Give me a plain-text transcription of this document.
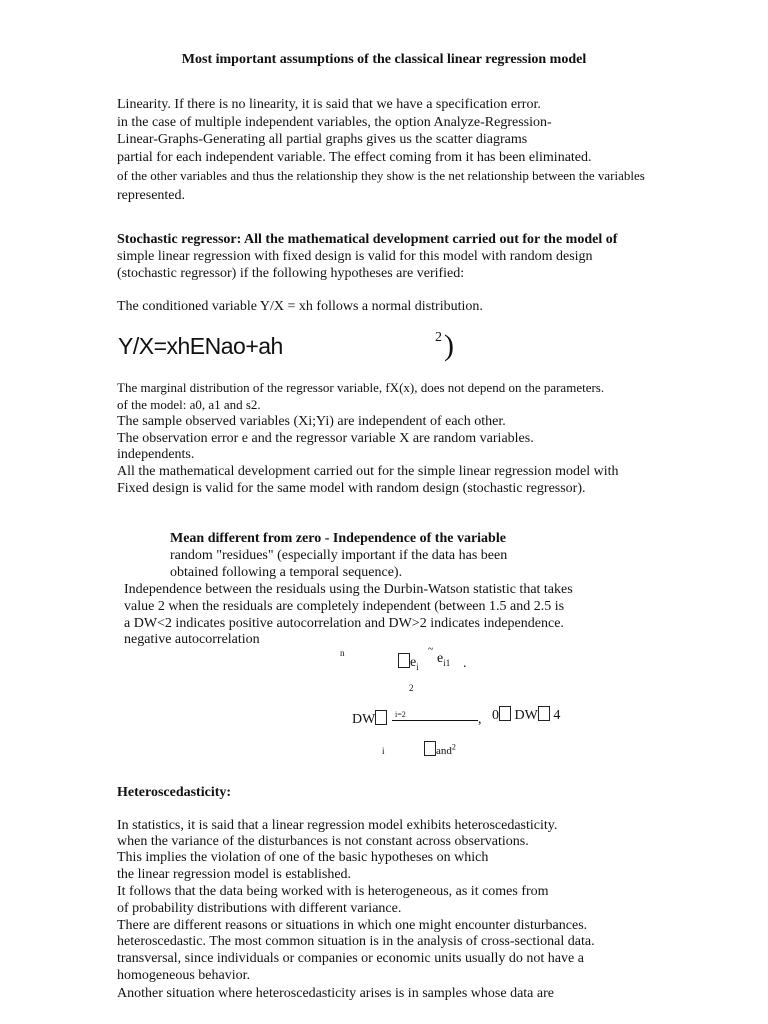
Most important assumptions of the classical linear regression model
Linearity. If there is no linearity, it is said that we have a specification error.
in the case of multiple independent variables, the option Analyze-Regression-
Linear-Graphs-Generating all partial graphs gives us the scatter diagrams
partial for each independent variable. The effect coming from it has been eliminated.
of the other variables and thus the relationship they show is the net relationship between the variables
represented.
Stochastic regressor: All the mathematical development carried out for the model of
simple linear regression with fixed design is valid for this model with random design
(stochastic regressor) if the following hypotheses are verified:
The conditioned variable Y/X = xh follows a normal distribution.
Y/X=xhENao+ah	2 )
The marginal distribution of the regressor variable, fX(x), does not depend on the parameters.
of the model: a0, a1 and s2.
The sample observed variables (Xi;Yi) are independent of each other.
The observation error e and the regressor variable X are random variables.
independents.
All the mathematical development carried out for the simple linear regression model with
Fixed design is valid for the same model with random design (stochastic regressor).
Mean different from zero - Independence of the variable
random "residues" (especially important if the data has been
obtained following a temporal sequence).
Independence between the residuals using the Durbin-Watson statistic that takes
value 2 when the residuals are completely independent (between 1.5 and 2.5 is
a DW<2 indicates positive autocorrelation and DW>2 indicates independence.
negative autocorrelation
n
$e_i$
~
$e_{i1}$ .
2
DW	i=2	, 0 DW 4
i	and$^2$
Heteroscedasticity:
In statistics, it is said that a linear regression model exhibits heteroscedasticity.
when the variance of the disturbances is not constant across observations.
This implies the violation of one of the basic hypotheses on which
the linear regression model is established.
It follows that the data being worked with is heterogeneous, as it comes from
of probability distributions with different variance.
There are different reasons or situations in which one might encounter disturbances.
heteroscedastic. The most common situation is in the analysis of cross-sectional data.
transversal, since individuals or companies or economic units usually do not have a
homogeneous behavior.
Another situation where heteroscedasticity arises is in samples whose data are
